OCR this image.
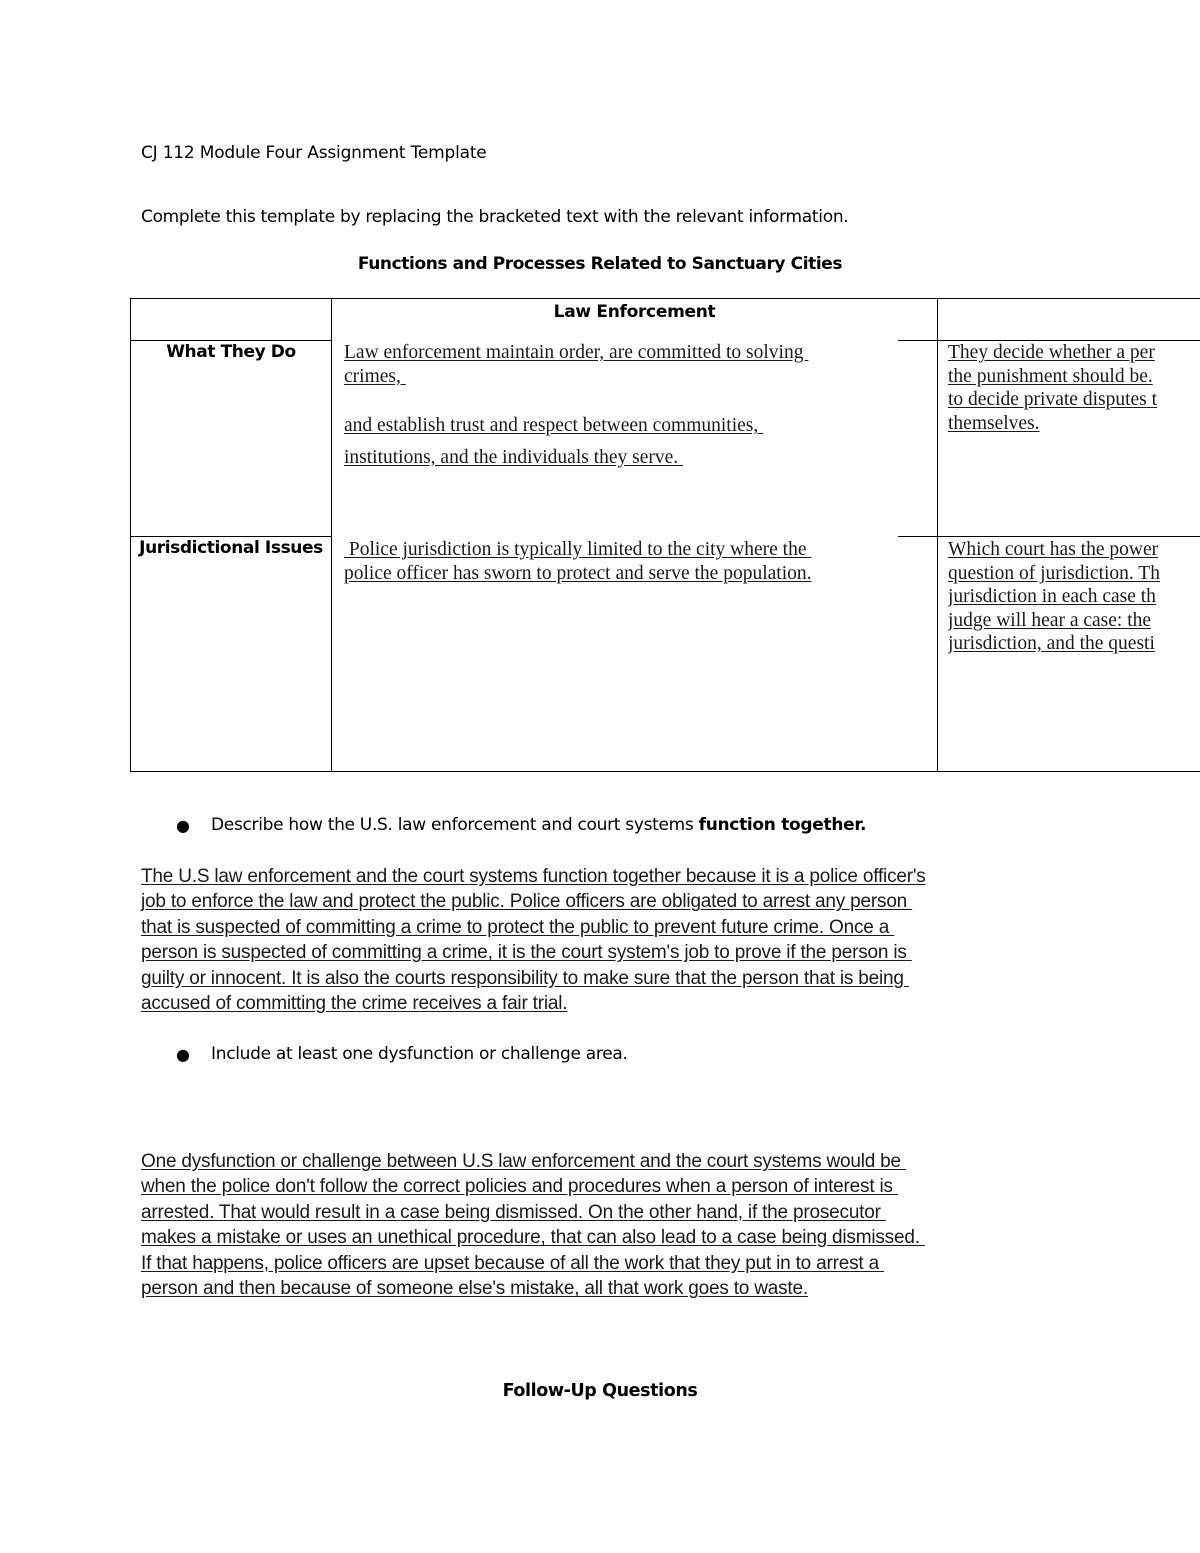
CJ 112 Module Four Assignment Template
Complete this template by replacing the bracketed text with the relevant information.
Functions and Processes Related to Sanctuary Cities
Law Enforcement
What They Do	Law enforcement maintain order, are committed to solving
crimes,
and establish trust and respect between communities,
institutions, and the individuals they serve.
They decide whether a per
the punishment should be.
to decide private disputes t
themselves.
Jurisdictional Issues	Police jurisdiction is typically limited to the city where the
police officer has sworn to protect and serve the population.
Which court has the power
question of jurisdiction. Th
jurisdiction in each case th
judge will hear a case: the
jurisdiction, and the questi
● Describe how the U.S. law enforcement and court systems function together.
The U.S law enforcement and the court systems function together because it is a police officer's
job to enforce the law and protect the public. Police officers are obligated to arrest any person
that is suspected of committing a crime to protect the public to prevent future crime. Once a
person is suspected of committing a crime, it is the court system's job to prove if the person is
guilty or innocent. It is also the courts responsibility to make sure that the person that is being
accused of committing the crime receives a fair trial.
● Include at least one dysfunction or challenge area.
One dysfunction or challenge between U.S law enforcement and the court systems would be
when the police don't follow the correct policies and procedures when a person of interest is
arrested. That would result in a case being dismissed. On the other hand, if the prosecutor
makes a mistake or uses an unethical procedure, that can also lead to a case being dismissed.
If that happens, police officers are upset because of all the work that they put in to arrest a
person and then because of someone else's mistake, all that work goes to waste.
Follow-Up Questions
